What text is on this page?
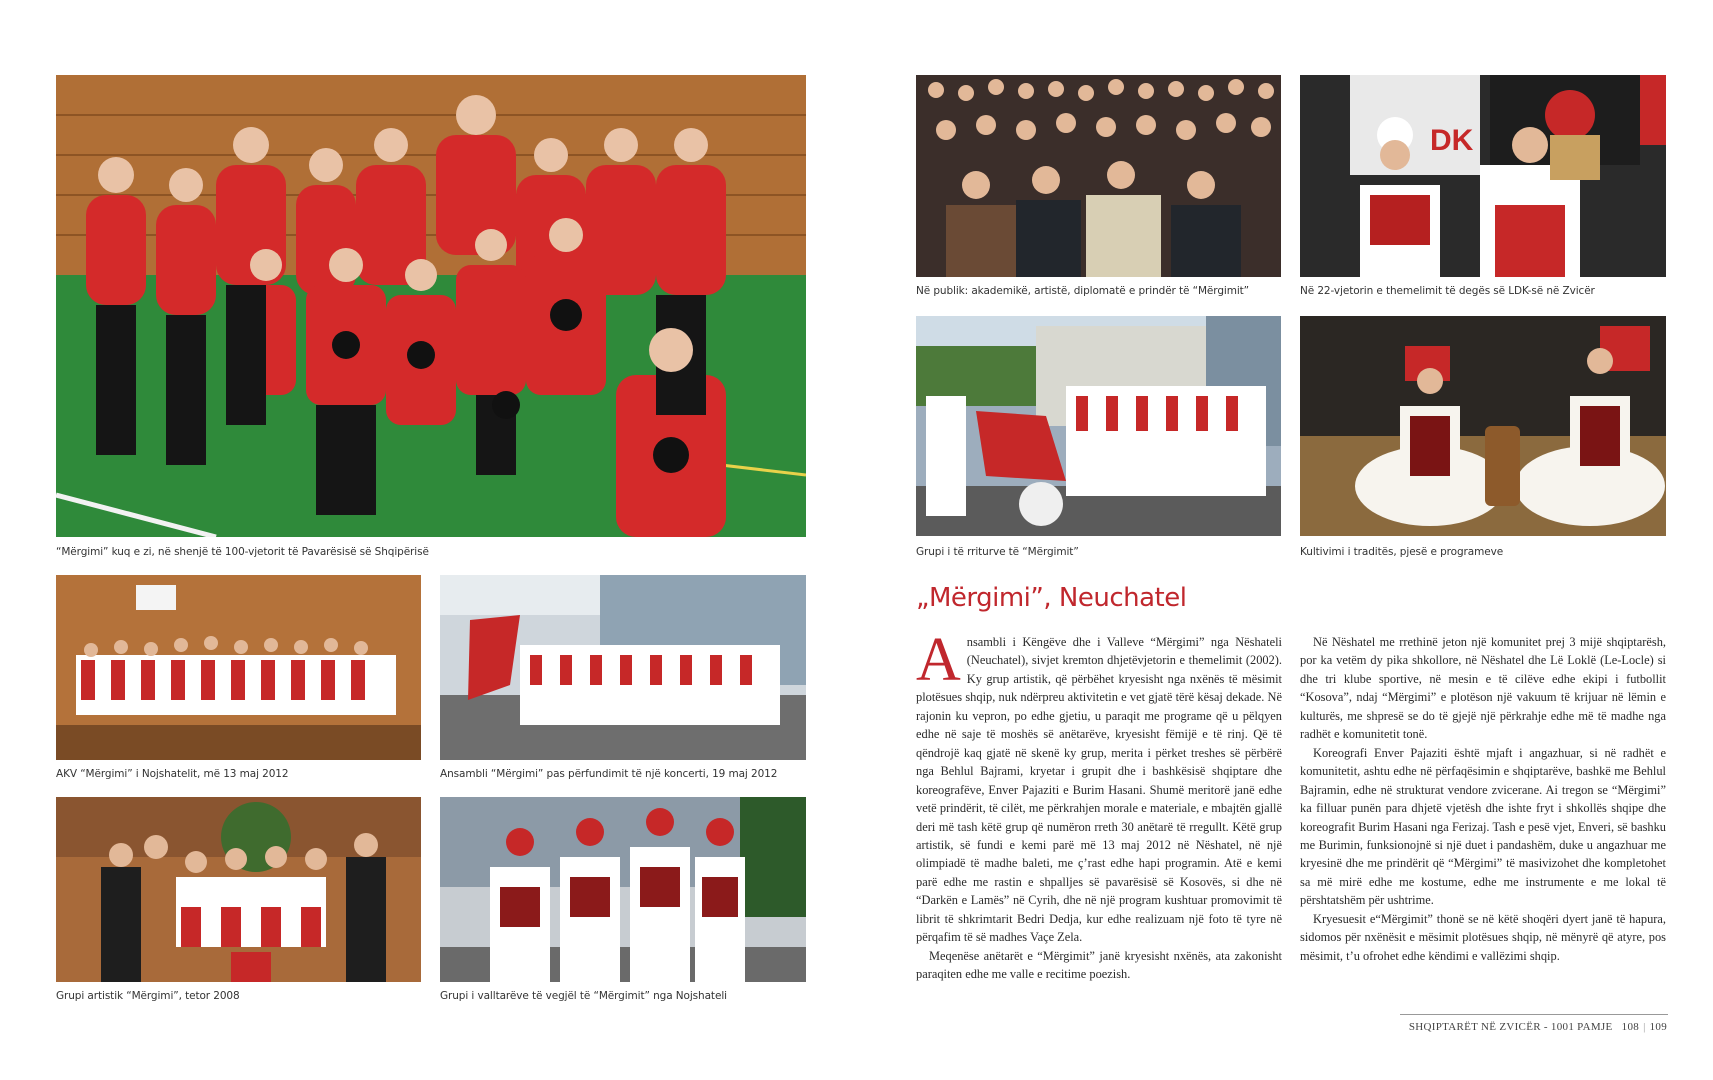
“Mërgimi” kuq e zi, në shenjë të 100-vjetorit të Pavarësisë së Shqipërisë
AKV “Mërgimi” i Nojshatelit, më 13 maj 2012	Ansambli “Mërgimi” pas përfundimit të një koncerti, 19 maj 2012
Grupi artistik “Mërgimi”, tetor 2008	Grupi i valltarëve të vegjël të “Mërgimit” nga Nojshateli
Në publik: akademikë, artistë, diplomatë e prindër të “Mërgimit”
DK
Në 22-vjetorin e themelimit të degës së LDK-së në Zvicër
Grupi i të rriturve të “Mërgimit”	Kultivimi i traditës, pjesë e programeve
„Mërgimi”, Neuchatel

Ansambli i Këngëve dhe i Valleve “Mërgimi” nga Nëshateli (Neuchatel), sivjet kremton dhjetëvjetorin e themelimit (2002). Ky grup artistik, që përbëhet kryesisht nga nxënës të mësimit plotësues shqip, nuk ndërpreu aktivitetin e vet gjatë tërë kësaj dekade. Në rajonin ku vepron, po edhe gjetiu, u paraqit me programe që u pëlqyen edhe në saje të moshës së anëtarëve, kryesisht fëmijë e të rinj. Që të qëndrojë kaq gjatë në skenë ky grup, merita i përket treshes së përbërë nga Behlul Bajrami, kryetar i grupit dhe i bashkësisë shqiptare dhe koreografëve, Enver Pajaziti e Burim Hasani. Shumë meritorë janë edhe vetë prindërit, të cilët, me përkrahjen morale e materiale, e mbajtën gjallë deri më tash këtë grup që numëron rreth 30 anëtarë të rregullt. Këtë grup artistik, së fundi e kemi parë më 13 maj 2012 në Nëshatel, në një olimpiadë të madhe baleti, me ç’rast edhe hapi programin. Atë e kemi parë edhe me rastin e shpalljes së pavarësisë së Kosovës, si dhe në “Darkën e Lamës” në Cyrih, dhe në një program kushtuar promovimit të librit të shkrimtarit Bedri Dedja, kur edhe realizuam një foto të tyre në përqafim të së madhes Vaçe Zela.

Meqenëse anëtarët e “Mërgimit” janë kryesisht nxënës, ata zakonisht paraqiten edhe me valle e recitime poezish.

Në Nëshatel me rrethinë jeton një komunitet prej 3 mijë shqiptarësh, por ka vetëm dy pika shkollore, në Nëshatel dhe Lë Loklë (Le-Locle) si dhe tri klube sportive, në mesin e të cilëve edhe ekipi i futbollit “Kosova”, ndaj “Mërgimi” e plotëson një vakuum të krijuar në lëmin e kulturës, me shpresë se do të gjejë një përkrahje edhe më të madhe nga radhët e komunitetit tonë.

Koreografi Enver Pajaziti është mjaft i angazhuar, si në radhët e komunitetit, ashtu edhe në përfaqësimin e shqiptarëve, bashkë me Behlul Bajramin, edhe në strukturat vendore zvicerane. Ai tregon se “Mërgimi” ka filluar punën para dhjetë vjetësh dhe ishte fryt i shkollës shqipe dhe koreografit Burim Hasani nga Ferizaj. Tash e pesë vjet, Enveri, së bashku me Burimin, funksionojnë si një duet i pandashëm, duke u angazhuar me kryesinë dhe me prindërit që “Mërgimi” të masivizohet dhe kompletohet sa më mirë edhe me kostume, edhe me instrumente e me lokal të përshtatshëm për ushtrime.

Kryesuesit e“Mërgimit” thonë se në këtë shoqëri dyert janë të hapura, sidomos për nxënësit e mësimit plotësues shqip, në mënyrë që atyre, pos mësimit, t’u ofrohet edhe këndimi e vallëzimi shqip.

SHQIPTARËT NË ZVICËR - 1001 PAMJE 108 | 109
